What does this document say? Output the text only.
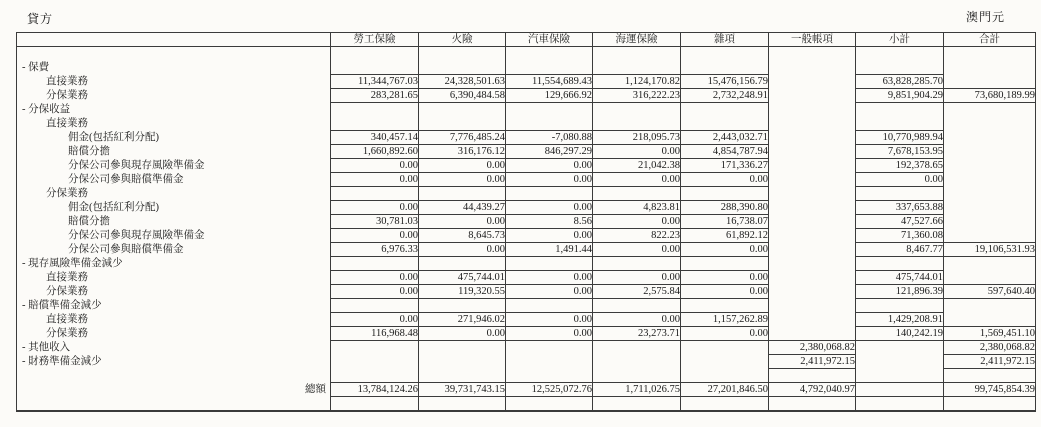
貸方	澳門元
	勞工保險	火險	汽車保險	海運保險	雜項	一般帳項	小計	合計

- 保費								
直接業務	11,344,767.03	24,328,501.63	11,554,689.43	1,124,170.82	15,476,156.79		63,828,285.70	
分保業務	283,281.65	6,390,484.58	129,666.92	316,222.23	2,732,248.91		9,851,904.29	73,680,189.99
- 分保收益								
直接業務								
佣金(包括紅利分配)	340,457.14	7,776,485.24	-7,080.88	218,095.73	2,443,032.71		10,770,989.94	
賠償分擔	1,660,892.60	316,176.12	846,297.29	0.00	4,854,787.94		7,678,153.95	
分保公司參與現存風險準備金	0.00	0.00	0.00	21,042.38	171,336.27		192,378.65	
分保公司參與賠償準備金	0.00	0.00	0.00	0.00	0.00		0.00	
分保業務								
佣金(包括紅利分配)	0.00	44,439.27	0.00	4,823.81	288,390.80		337,653.88	
賠償分擔	30,781.03	0.00	8.56	0.00	16,738.07		47,527.66	
分保公司參與現存風險準備金	0.00	8,645.73	0.00	822.23	61,892.12		71,360.08	
分保公司參與賠償準備金	6,976.33	0.00	1,491.44	0.00	0.00		8,467.77	19,106,531.93
- 現存風險準備金減少								
直接業務	0.00	475,744.01	0.00	0.00	0.00		475,744.01	
分保業務	0.00	119,320.55	0.00	2,575.84	0.00		121,896.39	597,640.40
- 賠償準備金減少								
直接業務	0.00	271,946.02	0.00	0.00	1,157,262.89		1,429,208.91	
分保業務	116,968.48	0.00	0.00	23,273.71	0.00		140,242.19	1,569,451.10
- 其他收入						2,380,068.82		2,380,068.82
- 財務準備金減少						2,411,972.15		2,411,972.15

總額	13,784,124.26	39,731,743.15	12,525,072.76	1,711,026.75	27,201,846.50	4,792,040.97		99,745,854.39
